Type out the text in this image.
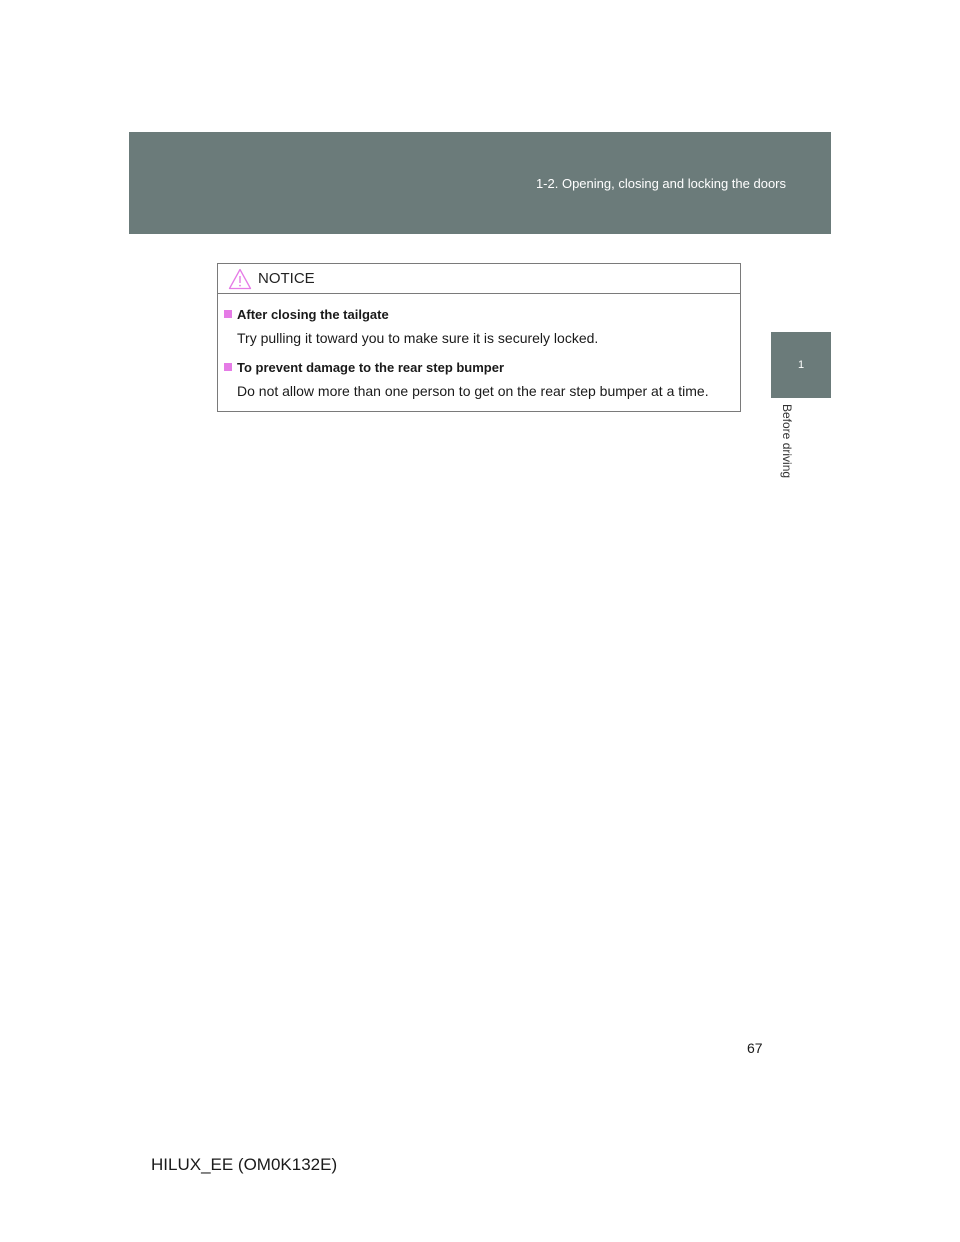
1-2. Opening, closing and locking the doors
1
Before driving
NOTICE
After closing the tailgate
Try pulling it toward you to make sure it is securely locked.
To prevent damage to the rear step bumper
Do not allow more than one person to get on the rear step bumper at a time.
67
HILUX_EE (OM0K132E)
